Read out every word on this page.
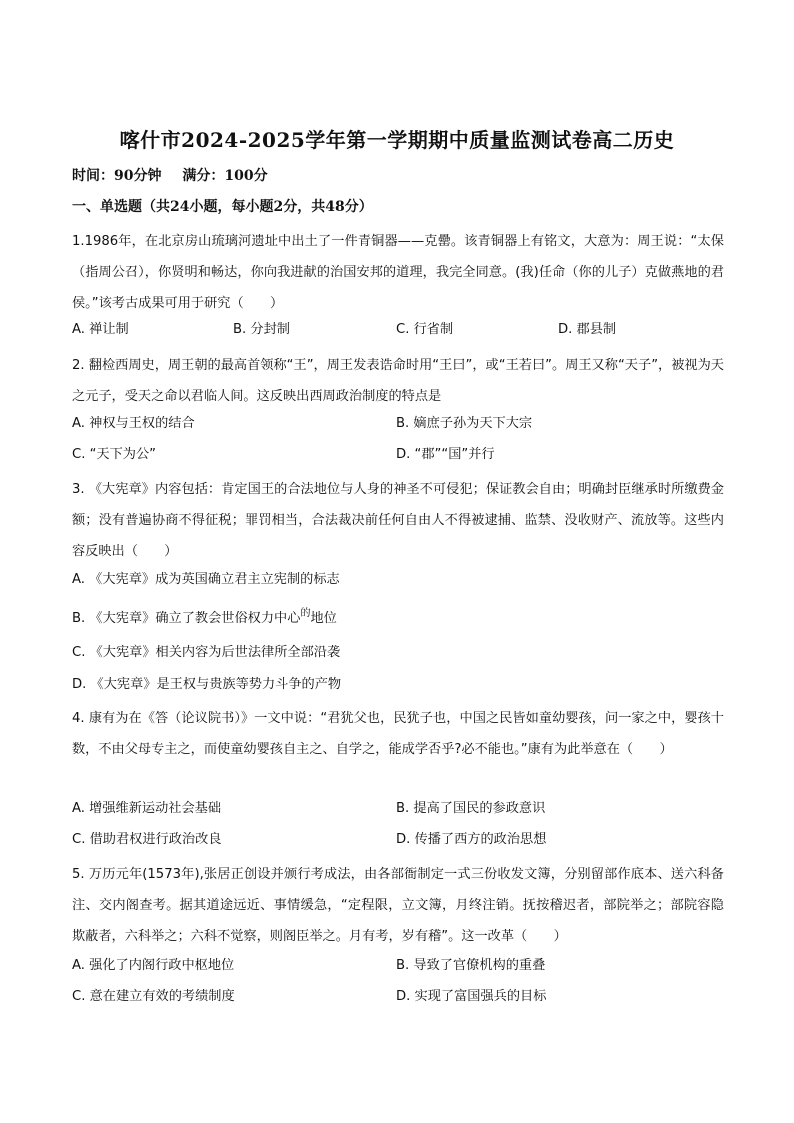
喀什市2024-2025学年第一学期期中质量监测试卷高二历史
时间：90分钟 满分：100分
一、单选题（共24小题，每小题2分，共48分）

1.1986年，在北京房山琉璃河遗址中出土了一件青铜器——克罍。该青铜器上有铭文，大意为：周王说：“太保（指周公召），你贤明和畅达，你向我进献的治国安邦的道理，我完全同意。(我)任命（你的儿子）克做燕地的君侯。”该考古成果可用于研究（　　）

A. 禅让制	B. 分封制	C. 行省制	D. 郡县制

2. 翻检西周史，周王朝的最高首领称“王”，周王发表诰命时用“王曰”，或“王若曰”。周王又称“天子”，被视为天之元子，受天之命以君临人间。这反映出西周政治制度的特点是

A. 神权与王权的结合	B. 嫡庶子孙为天下大宗
C. “天下为公”	D. “郡”“国”并行

3. 《大宪章》内容包括：肯定国王的合法地位与人身的神圣不可侵犯；保证教会自由；明确封臣继承时所缴费金额；没有普遍协商不得征税；罪罚相当，合法裁决前任何自由人不得被逮捕、监禁、没收财产、流放等。这些内容反映出（　　）

A. 《大宪章》成为英国确立君主立宪制的标志
B. 《大宪章》确立了教会世俗权力中心$^的$地位
C. 《大宪章》相关内容为后世法律所全部沿袭
D. 《大宪章》是王权与贵族等势力斗争的产物

4. 康有为在《答（论议院书）》一文中说：“君犹父也，民犹子也，中国之民皆如童幼婴孩，问一家之中，婴孩十数，不由父母专主之，而使童幼婴孩自主之、自学之，能成学否乎?必不能也。”康有为此举意在（　　）

A. 增强维新运动社会基础	B. 提高了国民的参政意识
C. 借助君权进行政治改良	D. 传播了西方的政治思想

5. 万历元年(1573年),张居正创设并颁行考成法，由各部衙制定一式三份收发文簿，分别留部作底本、送六科备注、交内阁查考。据其道途远近、事情缓急，“定程限，立文簿，月终注销。抚按稽迟者，部院举之；部院容隐欺蔽者，六科举之；六科不觉察，则阁臣举之。月有考，岁有稽”。这一改革（　　）

A. 强化了内阁行政中枢地位	B. 导致了官僚机构的重叠
C. 意在建立有效的考绩制度	D. 实现了富国强兵的目标
